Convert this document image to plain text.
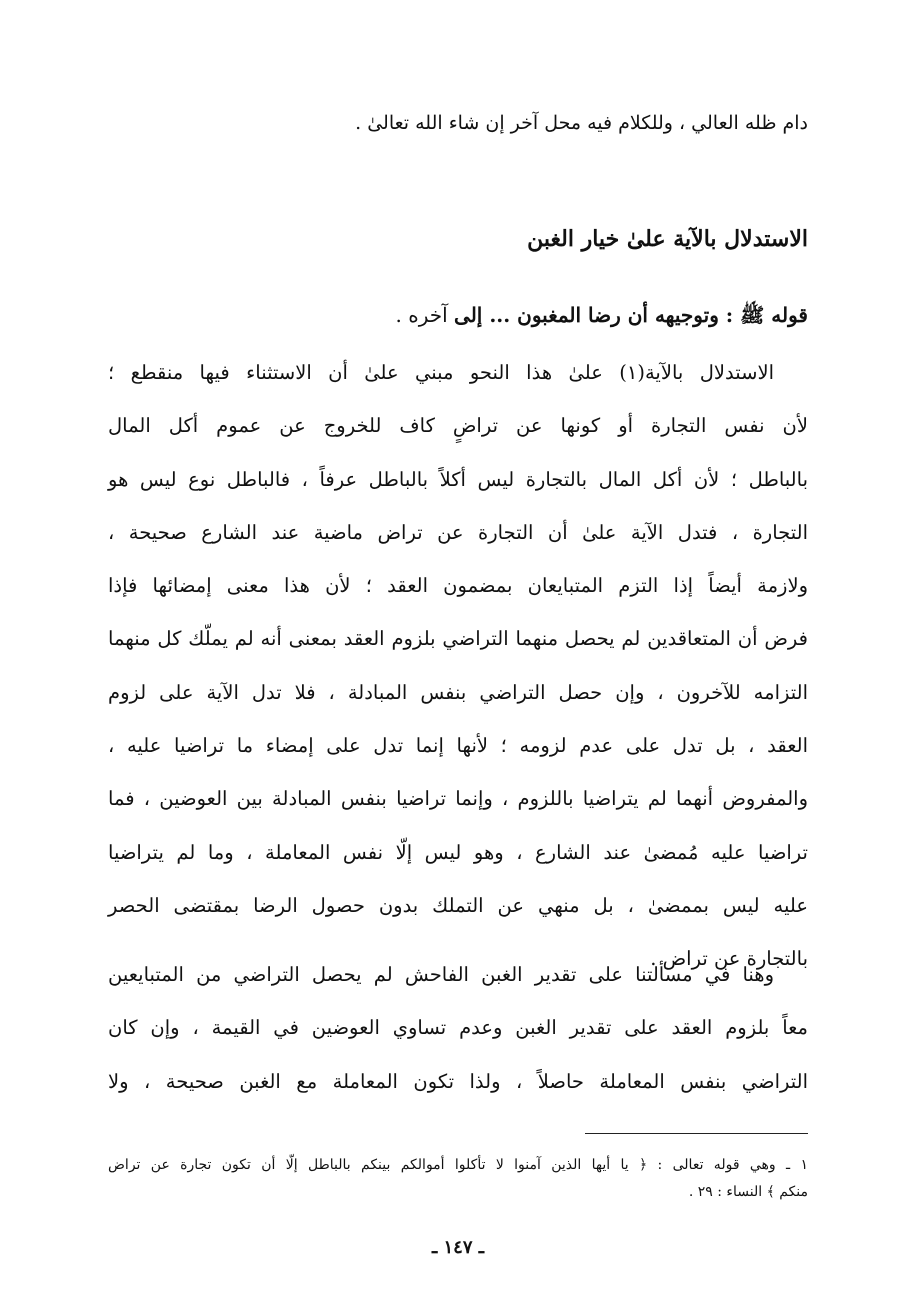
دام ظله العالي ، وللكلام فيه محل آخر إن شاء الله تعالىٰ .
الاستدلال بالآية علىٰ خيار الغبن
قوله ﷺ : وتوجيهه أن رضا المغبون ... إلى آخره .
الاستدلال بالآية(١) علىٰ هذا النحو مبني علىٰ أن الاستثناء فيها منقطع ؛
لأن نفس التجارة أو كونها عن تراضٍ كاف للخروج عن عموم أكل المال
بالباطل ؛ لأن أكل المال بالتجارة ليس أكلاً بالباطل عرفاً ، فالباطل نوع ليس هو
التجارة ، فتدل الآية علىٰ أن التجارة عن تراض ماضية عند الشارع صحيحة ،
ولازمة أيضاً إذا التزم المتبايعان بمضمون العقد ؛ لأن هذا معنى إمضائها فإذا
فرض أن المتعاقدين لم يحصل منهما التراضي بلزوم العقد بمعنى أنه لم يملّك كل منهما
التزامه للآخرون ، وإن حصل التراضي بنفس المبادلة ، فلا تدل الآية على لزوم
العقد ، بل تدل على عدم لزومه ؛ لأنها إنما تدل على إمضاء ما تراضيا عليه ،
والمفروض أنهما لم يتراضيا باللزوم ، وإنما تراضيا بنفس المبادلة بين العوضين ، فما
تراضيا عليه مُمضىٰ عند الشارع ، وهو ليس إلّا نفس المعاملة ، وما لم يتراضيا
عليه ليس بممضىٰ ، بل منهي عن التملك بدون حصول الرضا بمقتضى الحصر
بالتجارة عن تراض .
وهنا في مسألتنا على تقدير الغبن الفاحش لم يحصل التراضي من المتبايعين
معاً بلزوم العقد على تقدير الغبن وعدم تساوي العوضين في القيمة ، وإن كان
التراضي بنفس المعاملة حاصلاً ، ولذا تكون المعاملة مع الغبن صحيحة ، ولا
١ ـ وهي قوله تعالى : ﴿ يا أيها الذين آمنوا لا تأكلوا أموالكم بينكم بالباطل إلّا أن تكون تجارة عن تراض
منكم ﴾ النساء : ٢٩ .
ـ ١٤٧ ـ
